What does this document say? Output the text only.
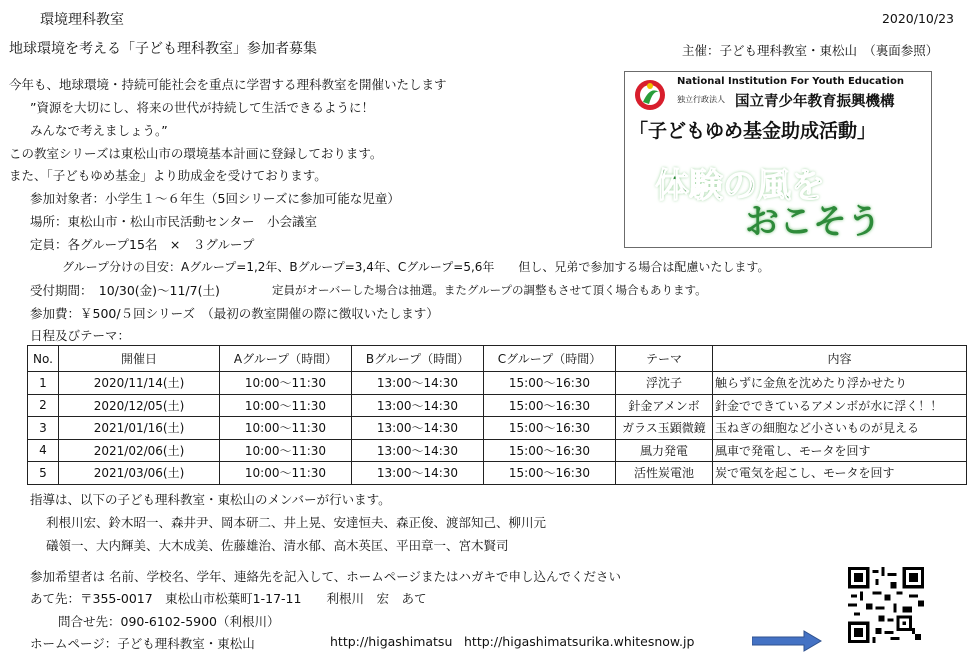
環境理科教室	2020/10/23
地球環境を考える「子ども理科教室」参加者募集	主催：子ども理科教室・東松山　（裏面参照）
今年も、地球環境・持続可能社会を重点に学習する理科教室を開催いたします
”資源を大切にし、将来の世代が持続して生活できるように！
みんなで考えましょう。”
この教室シリーズは東松山市の環境基本計画に登録しております。
また、「子どもゆめ基金」より助成金を受けております。
参加対象者：小学生１～６年生（5回シリーズに参加可能な児童）
場所：東松山市・松山市民活動センター　小会議室
定員：各グループ15名　×　３グループ
グループ分けの目安：Aグループ=1,2年、Bグループ=3,4年、Cグループ=5,6年　　但し、兄弟で参加する場合は配慮いたします。
受付期間：　10/30(金)～11/7(土)	定員がオーバーした場合は抽選。またグループの調整もさせて頂く場合もあります。
参加費：￥500/５回シリーズ　（最初の教室開催の際に徴収いたします）
日程及びテーマ：
National Institution For Youth Education
独立行政法人 国立青少年教育振興機構
「子どもゆめ基金助成活動」
体験の風を
おこそう
No.	開催日	Aグループ（時間）	Bグループ（時間）	Cグループ（時間）	テーマ	内容
1	2020/11/14(土)	10:00～11:30	13:00～14:30	15:00～16:30	浮沈子	触らずに金魚を沈めたり浮かせたり
2	2020/12/05(土)	10:00～11:30	13:00～14:30	15:00～16:30	針金アメンボ	針金でできているアメンボが水に浮く！！
3	2021/01/16(土)	10:00～11:30	13:00～14:30	15:00～16:30	ガラス玉顕微鏡	玉ねぎの細胞など小さいものが見える
4	2021/02/06(土)	10:00～11:30	13:00～14:30	15:00～16:30	風力発電	風車で発電し、モータを回す
5	2021/03/06(土)	10:00～11:30	13:00～14:30	15:00～16:30	活性炭電池	炭で電気を起こし、モータを回す
指導は、以下の子ども理科教室・東松山のメンバーが行います。
利根川宏、鈴木昭一、森井尹、岡本研二、井上晃、安達恒夫、森正俊、渡部知己、柳川元
礒領一、大内輝美、大木成美、佐藤雄治、清水郁、高木英匡、平田章一、宮木賢司
参加希望者は 名前、学校名、学年、連絡先を記入して、ホームページまたはハガキで申し込んでください
あて先：〒355-0017　東松山市松葉町1-17-11　　利根川　宏　あて
問合せ先：090-6102-5900（利根川）
ホームページ：子ども理科教室・東松山	http://higashimatsu http://higashimatsurika.whitesnow.jp
